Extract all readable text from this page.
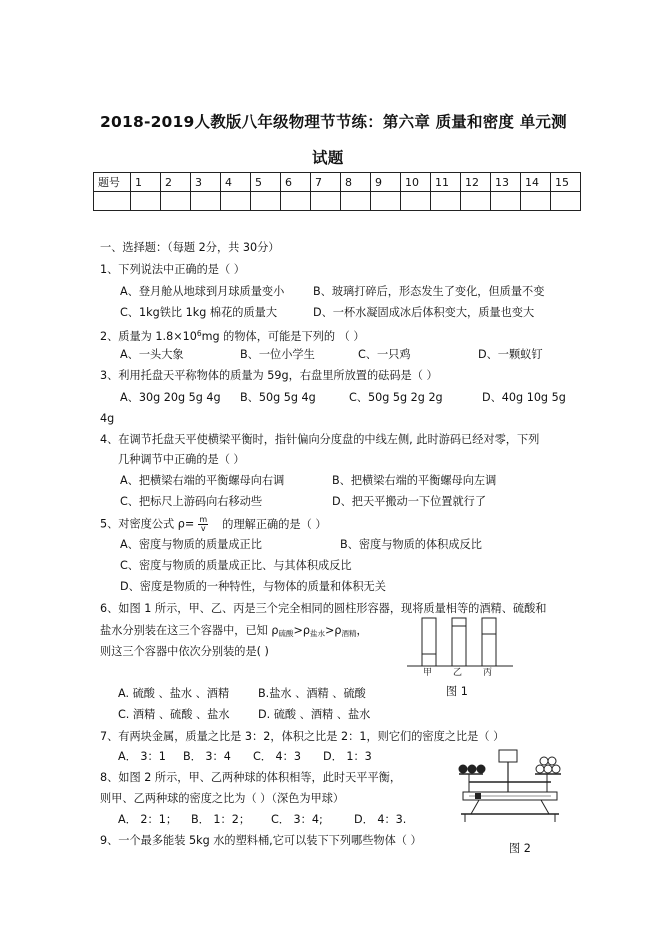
2018-2019人教版八年级物理节节练：第六章 质量和密度 单元测
试题
题号	1	2	3	4	5	6	7	8	9	10	11	12	13	14	15

一、选择题：（每题 2分，共 30分）
1、下列说法中正确的是（ ）
A、登月舱从地球到月球质量变小	B、玻璃打碎后，形态发生了变化，但质量不变
C、1kg铁比 1kg 棉花的质量大	D、一杯水凝固成冰后体积变大，质量也变大
2、质量为 $1.8\times 10^6mg$ 的物体，可能是下列的 （ ）
A、一头大象	B、一位小学生	C、一只鸡	D、一颗蚁钉
3、利用托盘天平称物体的质量为 59g，右盘里所放置的砝码是（ ）
A、30g 20g 5g 4g B、50g 5g 4g	C、50g 5g 2g 2g	D、40g 10g 5g
4g
4、在调节托盘天平使横梁平衡时，指针偏向分度盘的中线左侧, 此时游码已经对零，下列
几种调节中正确的是（ ）
A、把横梁右端的平衡螺母向右调	B、把横梁右端的平衡螺母向左调
C、把标尺上游码向右移动些	D、把天平搬动一下位置就行了
5、对密度公式 $\rho= \frac{m}{v}$ 的理解正确的是（ ）
A、密度与物质的质量成正比	B、密度与物质的体积成反比
C、密度与物质的质量成正比、与其体积成反比
D、密度是物质的一种特性，与物体的质量和体积无关
6、如图 1 所示，甲、乙、丙是三个完全相同的圆柱形容器，现将质量相等的酒精、硫酸和
盐水分别装在这三个容器中，已知 $\rho_{硫酸}>\rho_{盐水}>\rho_{酒精}$，
则这三个容器中依次分别装的是( )
A. 硫酸 、盐水 、酒精	B.盐水 、酒精 、硫酸
C. 酒精 、硫酸 、盐水	D. 硫酸 、酒精 、盐水
甲 乙 丙
图 1
7、有两块金属，质量之比是 3：2，体积之比是 2：1，则它们的密度之比是（ ）
A． 3：1 B． 3：4 C． 4：3 D． 1：3
8、如图 2 所示，甲、乙两种球的体积相等，此时天平平衡，
则甲、乙两种球的密度之比为（ ）（深色为甲球）
A． 2：1； B． 1：2； C． 3：4;	D． 4：3.
9、一个最多能装 5kg 水的塑料桶,它可以装下下列哪些物体（ ）
图 2
